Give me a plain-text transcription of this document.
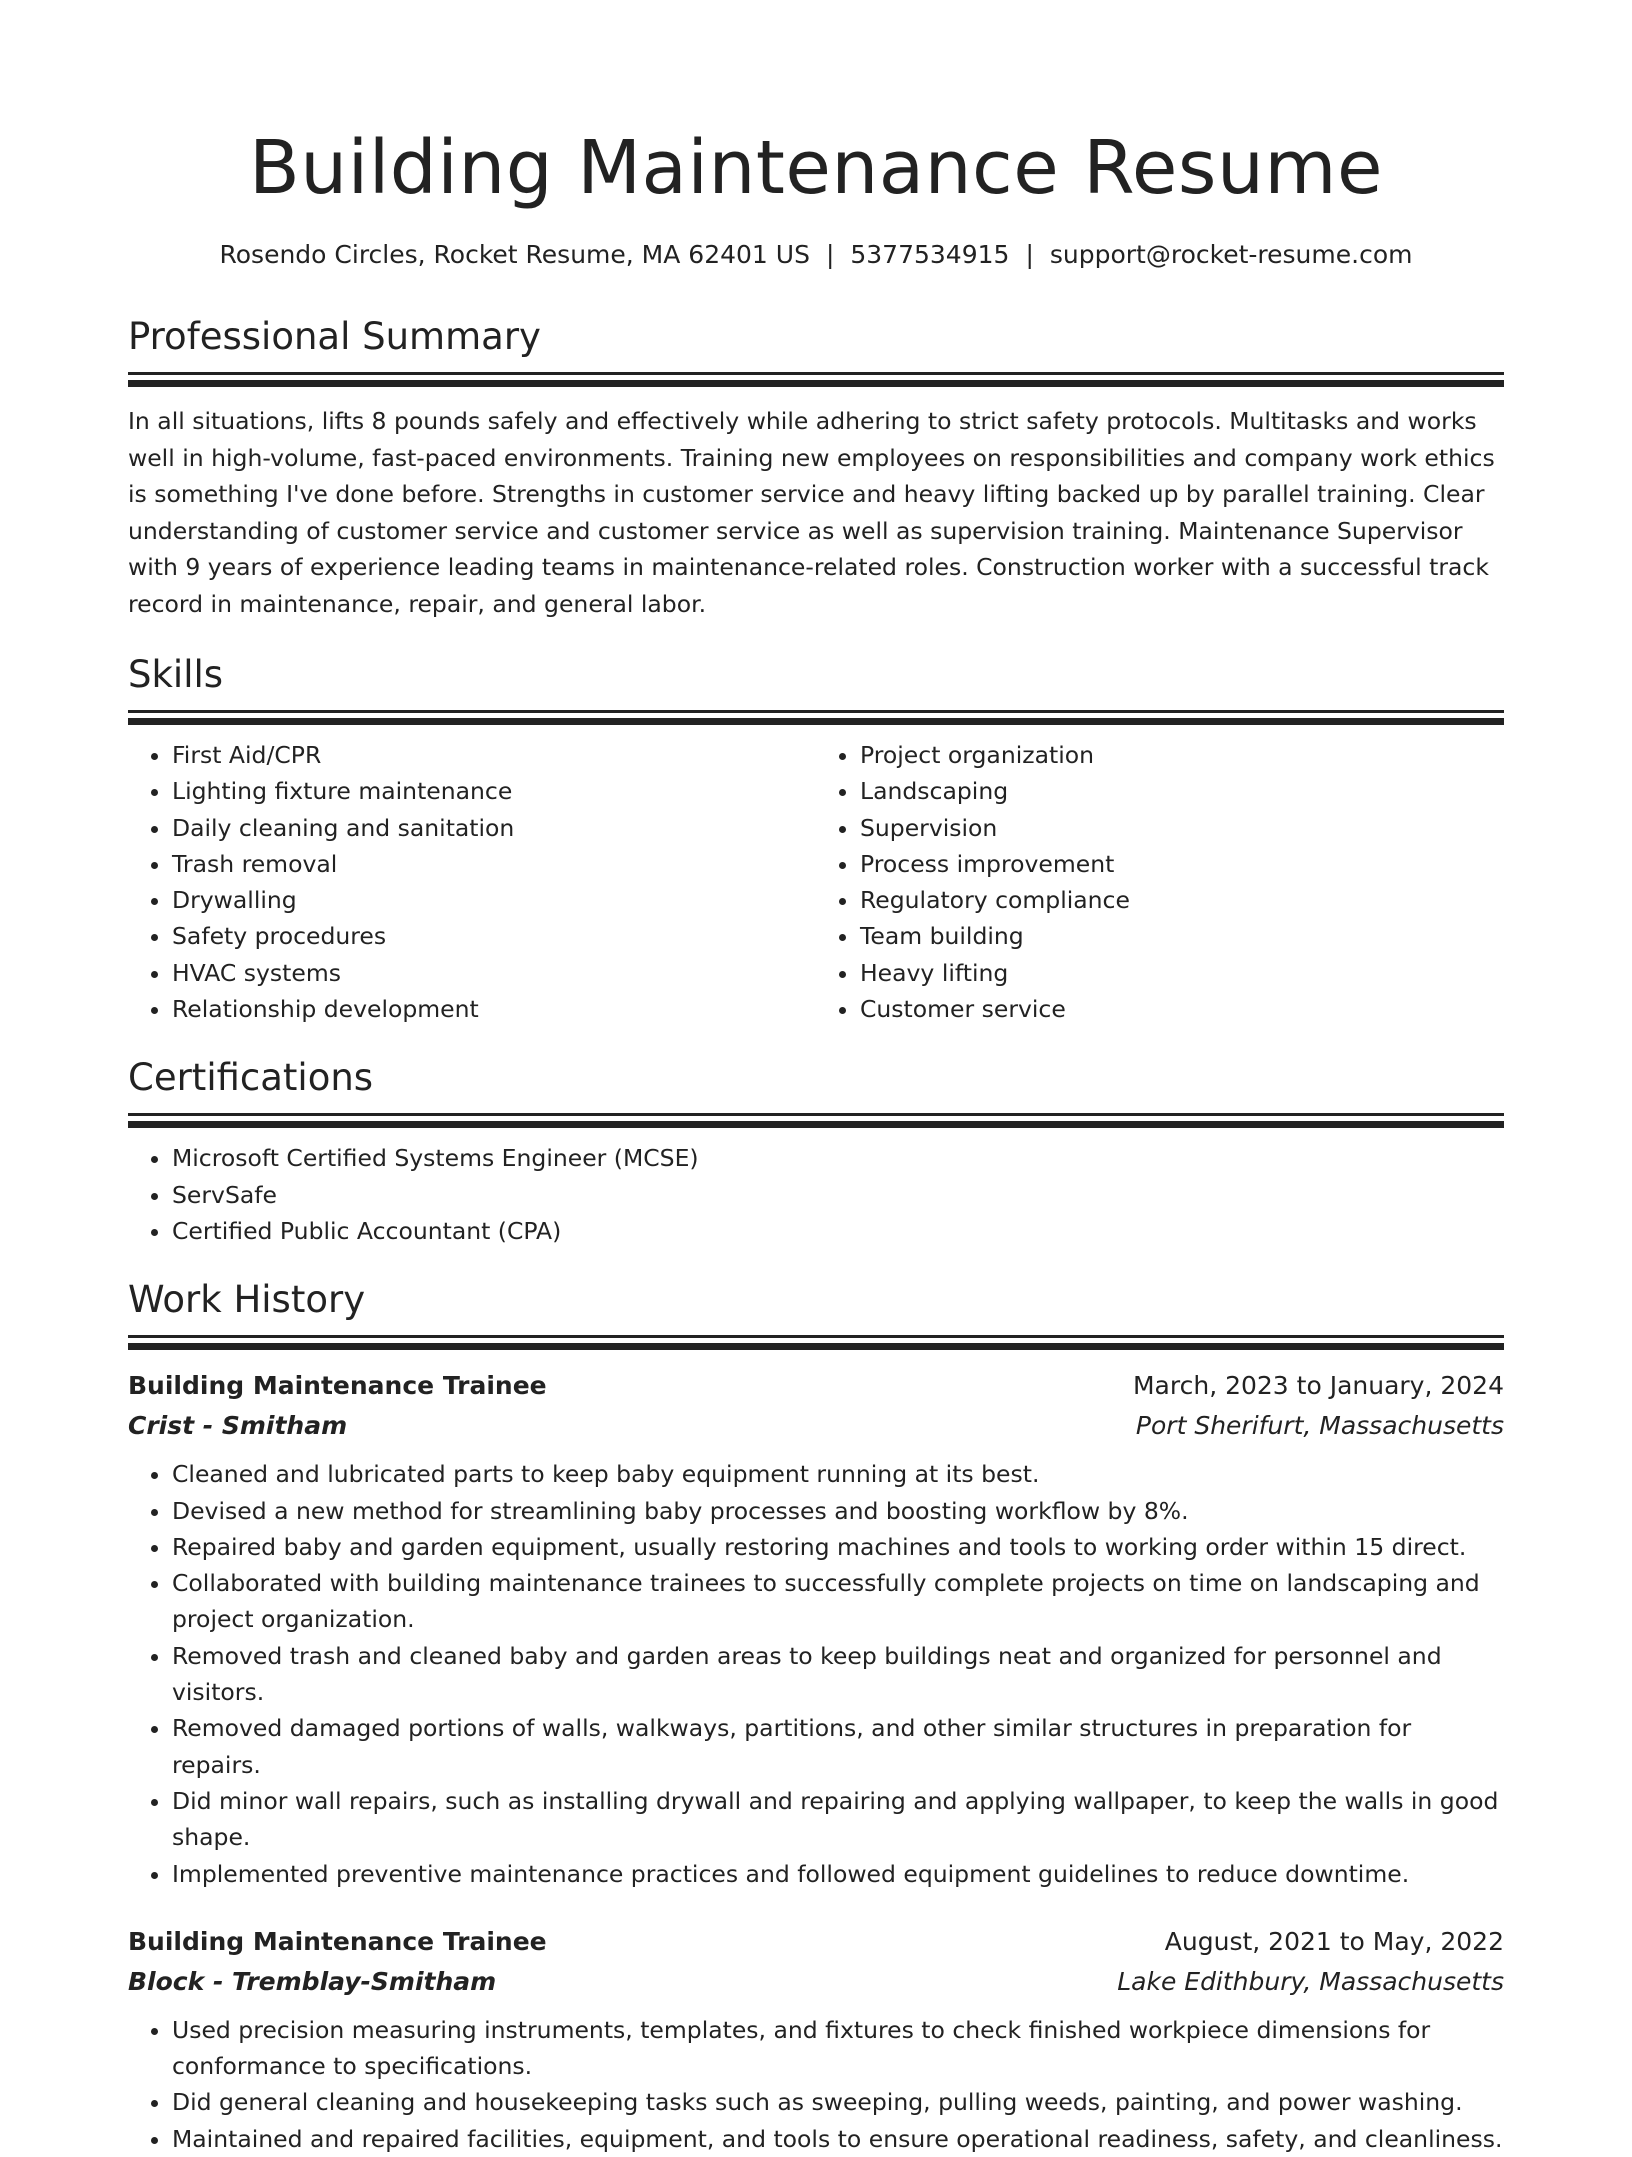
Building Maintenance Resume
Rosendo Circles, Rocket Resume, MA 62401 US | 5377534915 | support@rocket-resume.com
Professional Summary

In all situations, lifts 8 pounds safely and effectively while adhering to strict safety protocols. Multitasks and works well in high-volume, fast-paced environments. Training new employees on responsibilities and company work ethics is something I've done before. Strengths in customer service and heavy lifting backed up by parallel training. Clear understanding of customer service and customer service as well as supervision training. Maintenance Supervisor with 9 years of experience leading teams in maintenance-related roles. Construction worker with a successful track record in maintenance, repair, and general labor.

Skills
• First Aid/CPR
• Lighting fixture maintenance
• Daily cleaning and sanitation
• Trash removal
• Drywalling
• Safety procedures
• HVAC systems
• Relationship development
• Project organization
• Landscaping
• Supervision
• Process improvement
• Regulatory compliance
• Team building
• Heavy lifting
• Customer service
Certifications
• Microsoft Certified Systems Engineer (MCSE)
• ServSafe
• Certified Public Accountant (CPA)
Work History
Building Maintenance Trainee	March, 2023 to January, 2024
Crist - Smitham	Port Sherifurt, Massachusetts
• Cleaned and lubricated parts to keep baby equipment running at its best.
• Devised a new method for streamlining baby processes and boosting workflow by 8%.
• Repaired baby and garden equipment, usually restoring machines and tools to working order within 15 direct.
• Collaborated with building maintenance trainees to successfully complete projects on time on landscaping and project organization.
• Removed trash and cleaned baby and garden areas to keep buildings neat and organized for personnel and visitors.
• Removed damaged portions of walls, walkways, partitions, and other similar structures in preparation for repairs.
• Did minor wall repairs, such as installing drywall and repairing and applying wallpaper, to keep the walls in good shape.
• Implemented preventive maintenance practices and followed equipment guidelines to reduce downtime.
Building Maintenance Trainee	August, 2021 to May, 2022
Block - Tremblay-Smitham	Lake Edithbury, Massachusetts
• Used precision measuring instruments, templates, and fixtures to check finished workpiece dimensions for conformance to specifications.
• Did general cleaning and housekeeping tasks such as sweeping, pulling weeds, painting, and power washing.
• Maintained and repaired facilities, equipment, and tools to ensure operational readiness, safety, and cleanliness.
